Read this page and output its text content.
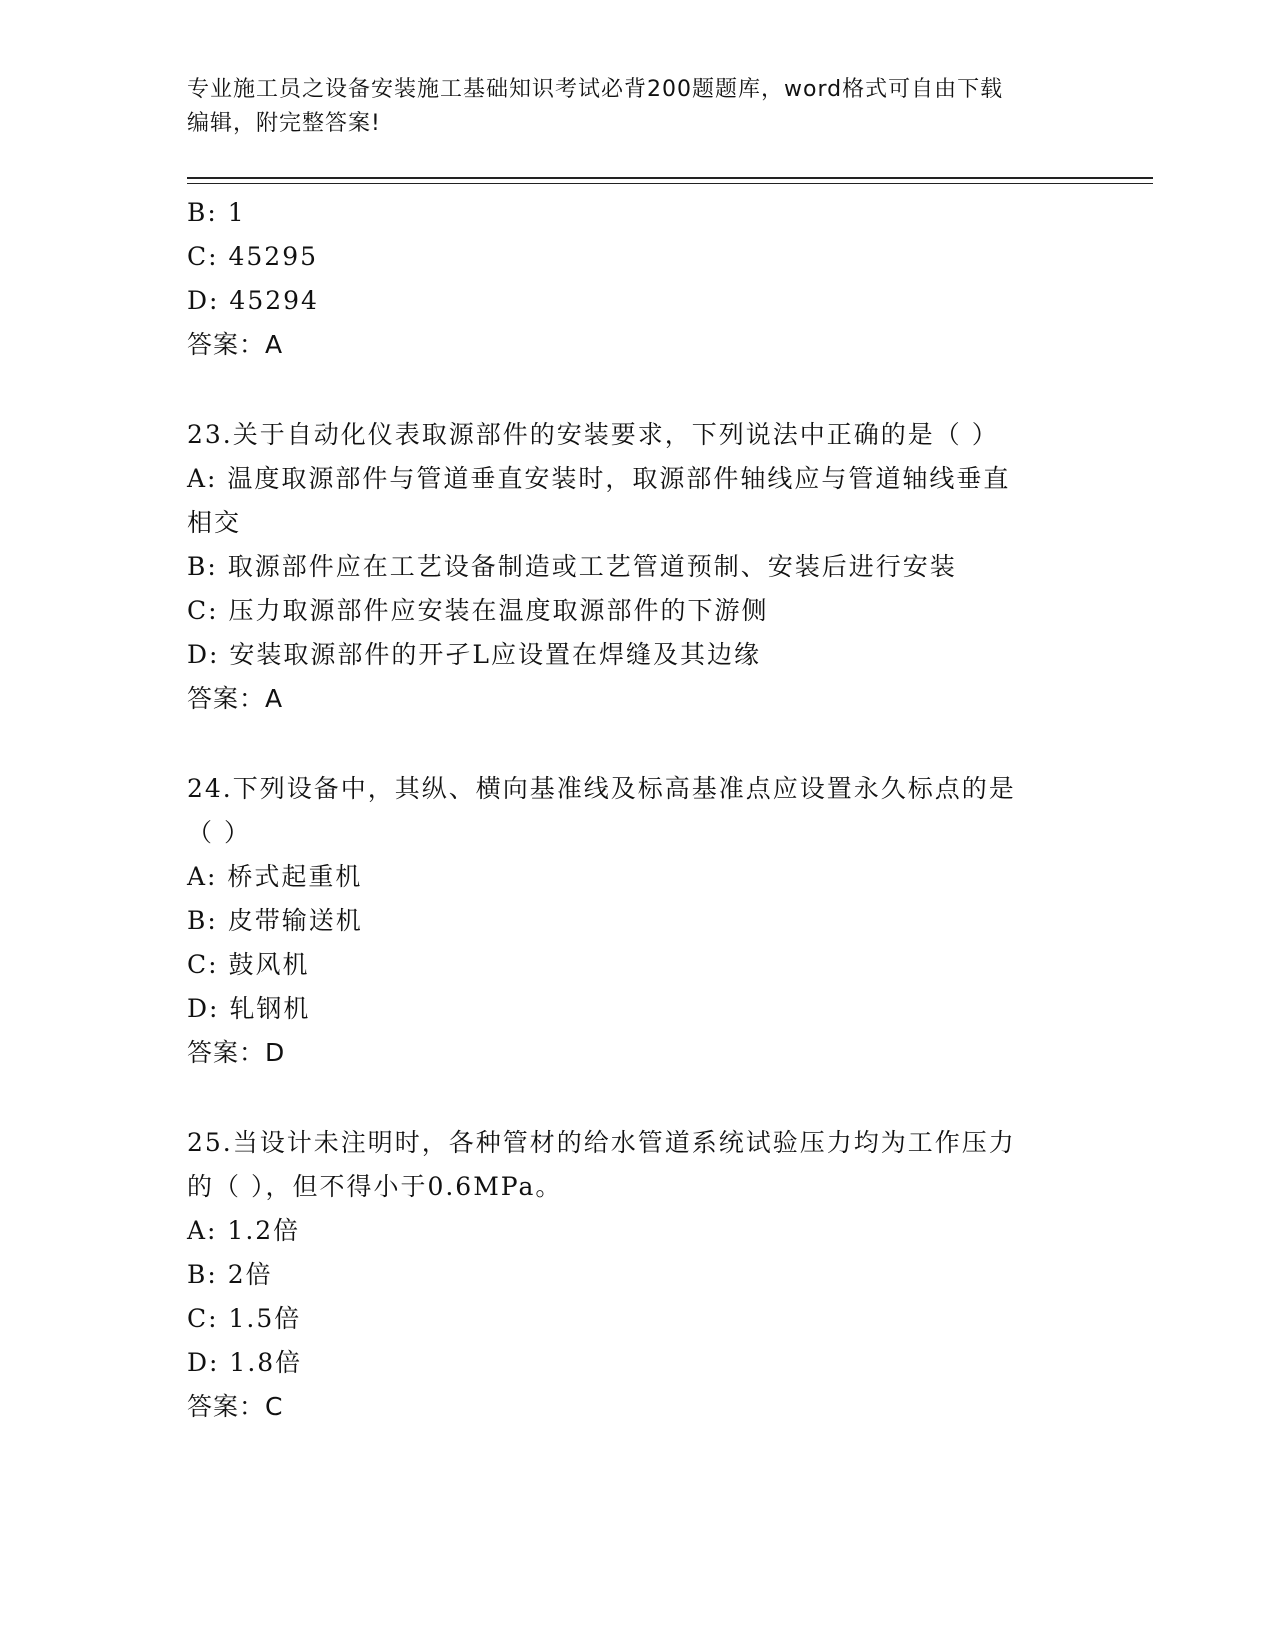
专业施工员之设备安装施工基础知识考试必背200题题库，word格式可自由下载
编辑，附完整答案!
B: 1
C: 45295
D: 45294
答案：A
23.关于自动化仪表取源部件的安装要求，下列说法中正确的是（ ）
A: 温度取源部件与管道垂直安装时，取源部件轴线应与管道轴线垂直
相交
B: 取源部件应在工艺设备制造或工艺管道预制、安装后进行安装
C: 压力取源部件应安装在温度取源部件的下游侧
D: 安装取源部件的开孑L应设置在焊缝及其边缘
答案：A
24.下列设备中，其纵、横向基准线及标高基准点应设置永久标点的是
（ ）
A: 桥式起重机
B: 皮带输送机
C: 鼓风机
D: 轧钢机
答案：D
25.当设计未注明时，各种管材的给水管道系统试验压力均为工作压力
的（ ），但不得小于0.6MPa。
A: 1.2倍
B: 2倍
C: 1.5倍
D: 1.8倍
答案：C
